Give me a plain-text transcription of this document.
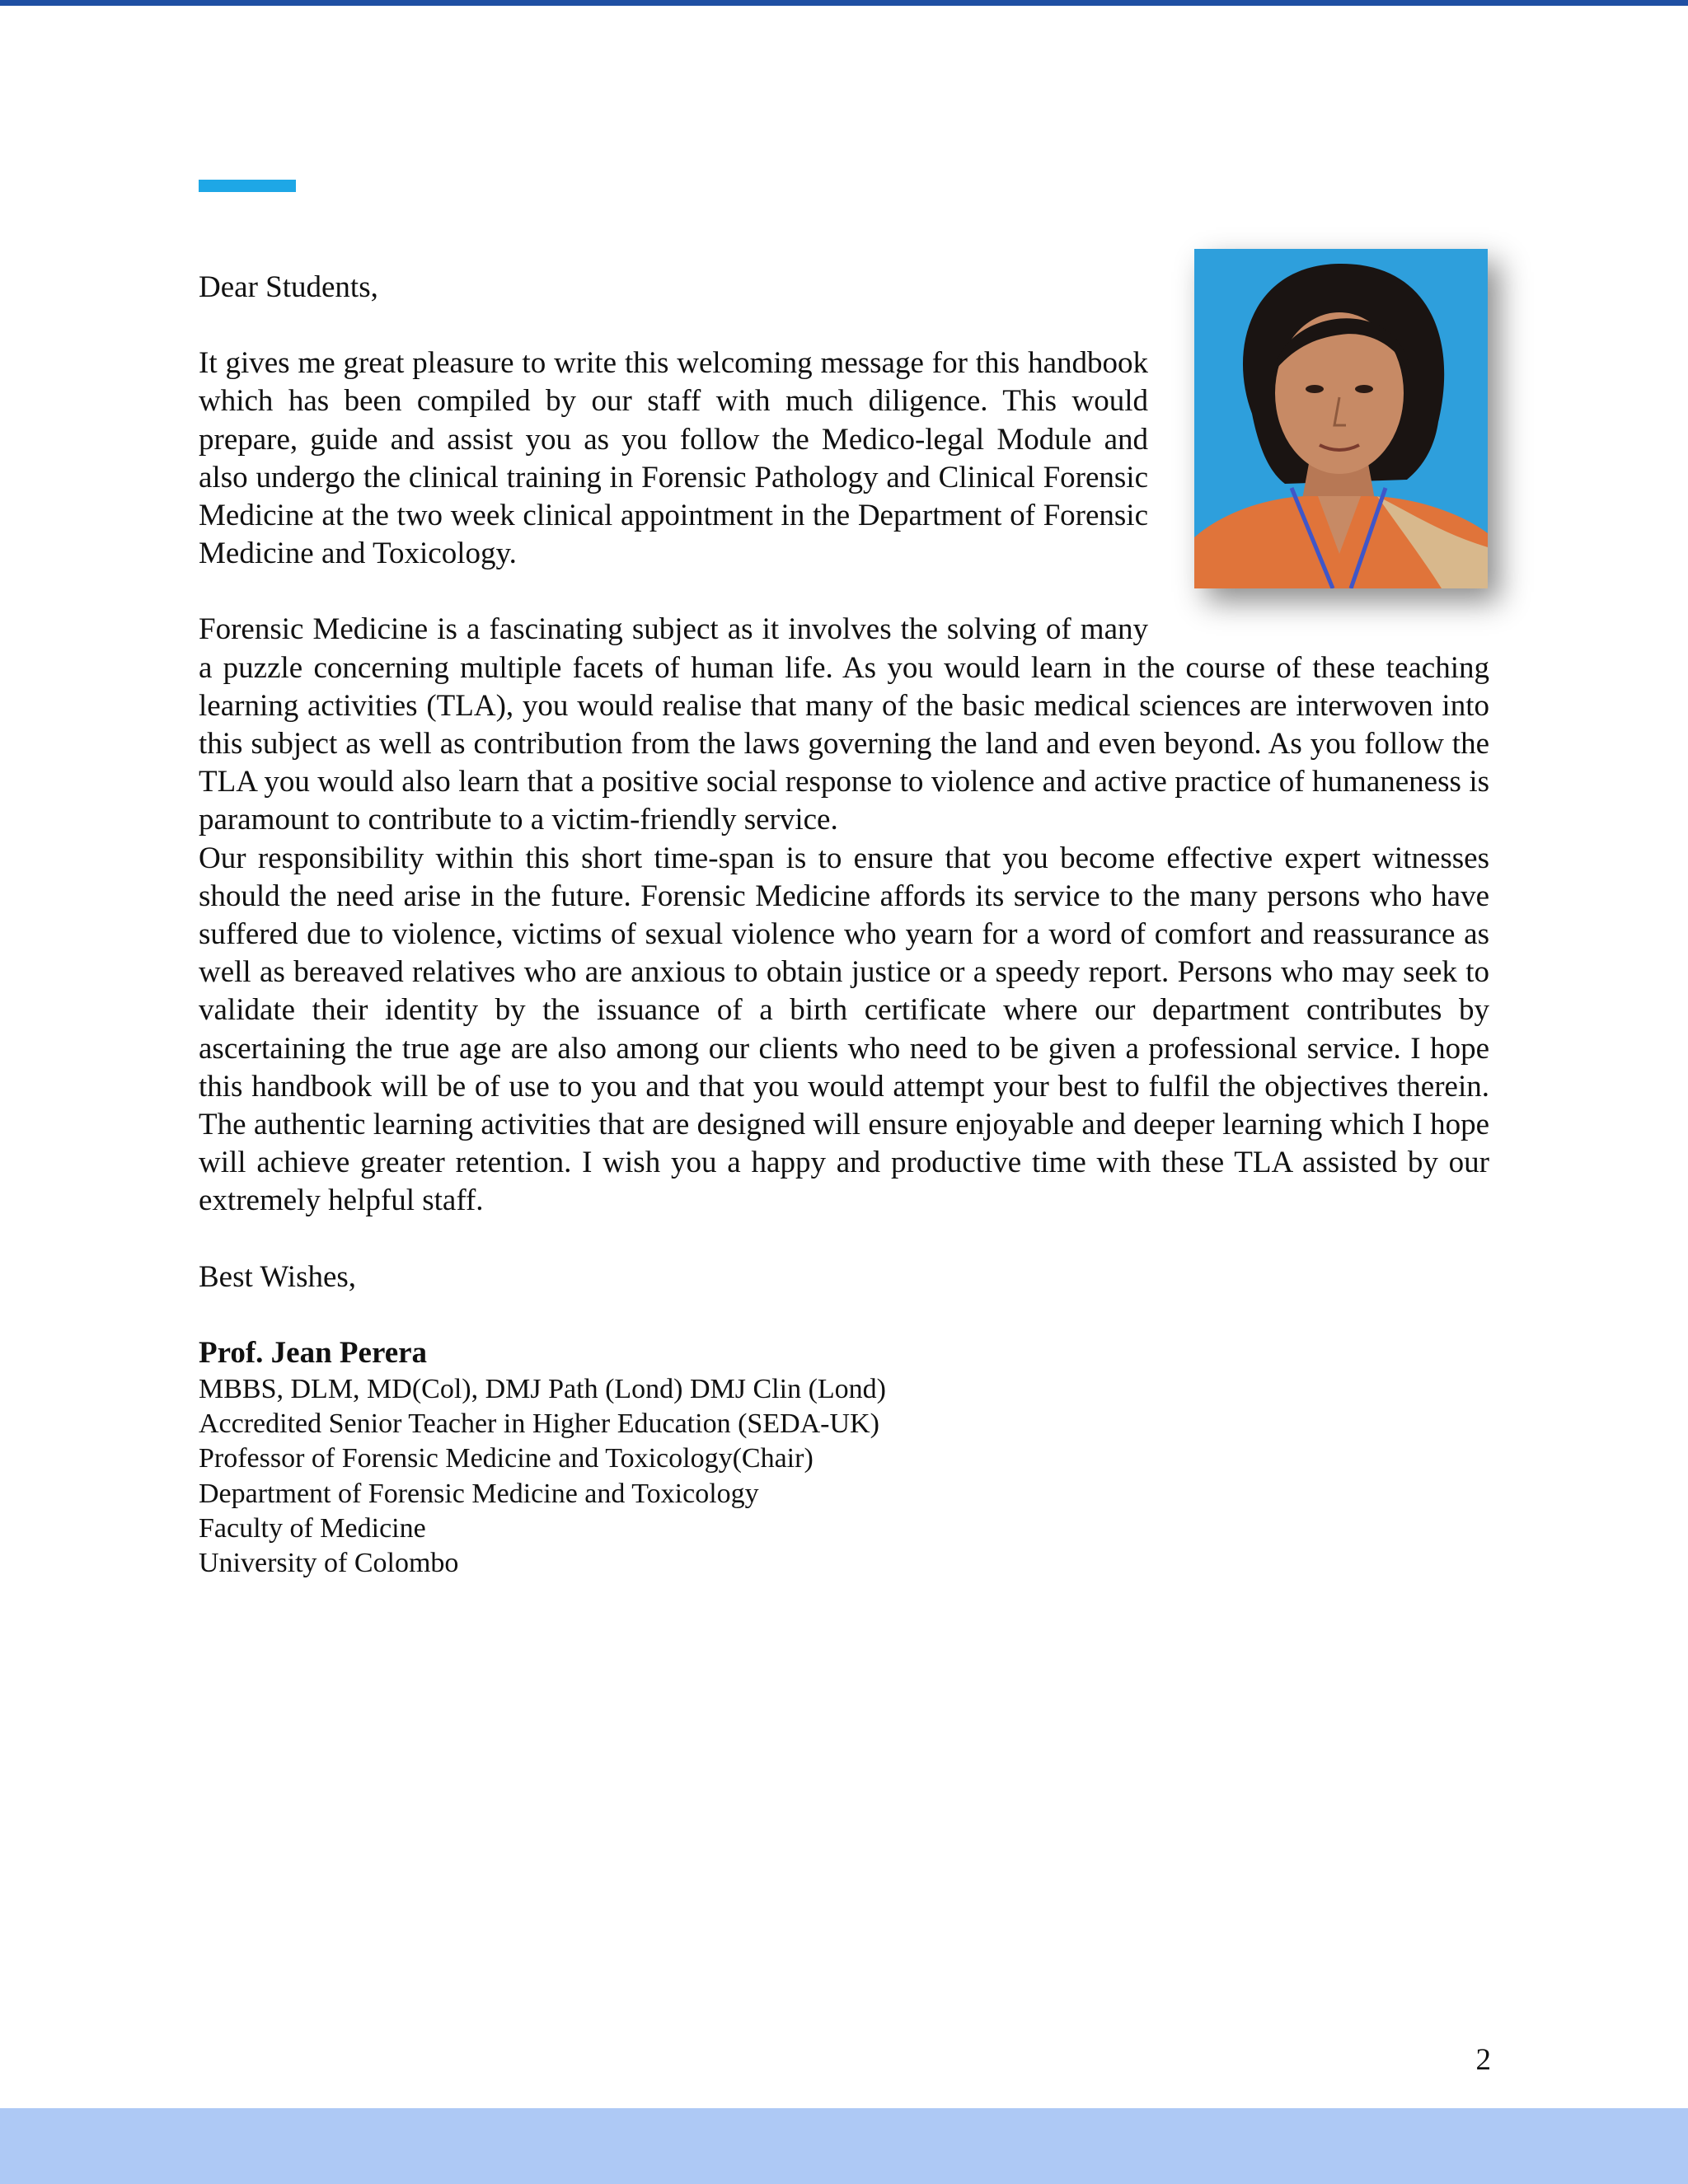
Dear Students,

It gives me great pleasure to write this welcoming message for this handbook which has been compiled by our staff with much diligence. This would prepare, guide and assist you as you follow the Medico-legal Module and also undergo the clinical training in Forensic Pathology and Clinical Forensic Medicine at the two week clinical appointment in the Department of Forensic Medicine and Toxicology.

Forensic Medicine is a fascinating subject as it involves the solving of many a puzzle concerning multiple facets of human life. As you would learn in the course of these teaching learning activities (TLA), you would realise that many of the basic medical sciences are interwoven into this subject as well as contribution from the laws governing the land and even beyond. As you follow the TLA you would also learn that a positive social response to violence and active practice of humaneness is paramount to contribute to a victim-friendly service.

Our responsibility within this short time-span is to ensure that you become effective expert witnesses should the need arise in the future. Forensic Medicine affords its service to the many persons who have suffered due to violence, victims of sexual violence who yearn for a word of comfort and reassurance as well as bereaved relatives who are anxious to obtain justice or a speedy report. Persons who may seek to validate their identity by the issuance of a birth certificate where our department contributes by ascertaining the true age are also among our clients who need to be given a professional service. I hope this handbook will be of use to you and that you would attempt your best to fulfil the objectives therein. The authentic learning activities that are designed will ensure enjoyable and deeper learning which I hope will achieve greater retention. I wish you a happy and productive time with these TLA assisted by our extremely helpful staff.

Best Wishes,

Prof. Jean Perera
MBBS, DLM, MD(Col), DMJ Path (Lond) DMJ Clin (Lond)
Accredited Senior Teacher in Higher Education (SEDA-UK)
Professor of Forensic Medicine and Toxicology(Chair)
Department of Forensic Medicine and Toxicology
Faculty of Medicine
University of Colombo
2
